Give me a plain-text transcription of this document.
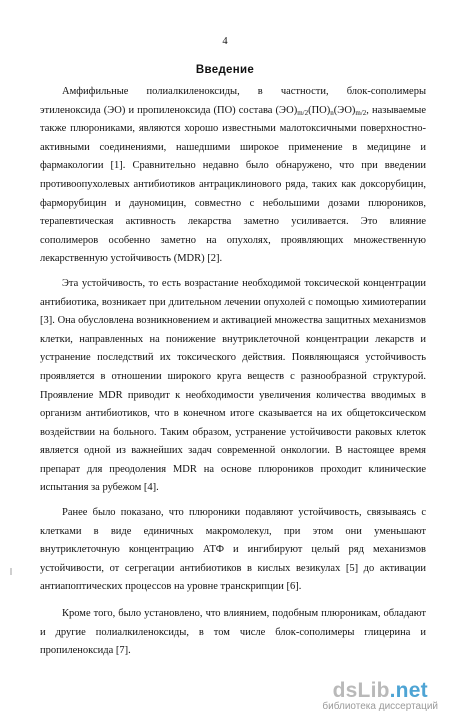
4
Введение

Амфифильные полиалкиленоксиды, в частности, блок-сополимеры этиленоксида (ЭО) и пропиленоксида (ПО) состава $(ЭО)_{m/2}(ПО)_n(ЭО)_{m/2}$, называемые также плюрониками, являются хорошо известными малотоксичными поверхностно-активными соединениями, нашедшими широкое применение в медицине и фармакологии [1]. Сравнительно недавно было обнаружено, что при введении противоопухолевых антибиотиков антрациклинового ряда, таких как доксорубицин, фарморубицин и дауномицин, совместно с небольшими дозами плюроников, терапевтическая активность лекарства заметно усиливается. Это влияние сополимеров особенно заметно на опухолях, проявляющих множественную лекарственную устойчивость (MDR) [2].

Эта устойчивость, то есть возрастание необходимой токсической концентрации антибиотика, возникает при длительном лечении опухолей с помощью химиотерапии [3]. Она обусловлена возникновением и активацией множества защитных механизмов клетки, направленных на понижение внутриклеточной концентрации лекарств и устранение последствий их токсического действия. Появляющаяся устойчивость проявляется в отношении широкого круга веществ с разнообразной структурой. Проявление MDR приводит к необходимости увеличения количества вводимых в организм антибиотиков, что в конечном итоге сказывается на их общетоксическом воздействии на больного. Таким образом, устранение устойчивости раковых клеток является одной из важнейших задач современной онкологии. В настоящее время препарат для преодоления MDR на основе плюроников проходит клинические испытания за рубежом [4].

Ранее было показано, что плюроники подавляют устойчивость, связываясь с клетками в виде единичных макромолекул, при этом они уменьшают внутриклеточную концентрацию АТФ и ингибируют целый ряд механизмов устойчивости, от сегрегации антибиотиков в кислых везикулах [5] до активации антиапоптических процессов на уровне транскрипции [6].

Кроме того, было установлено, что влиянием, подобным плюроникам, обладают и другие полиалкиленоксиды, в том числе блок-сополимеры глицерина и пропиленоксида [7].

dsLib.net
библиотека диссертаций
